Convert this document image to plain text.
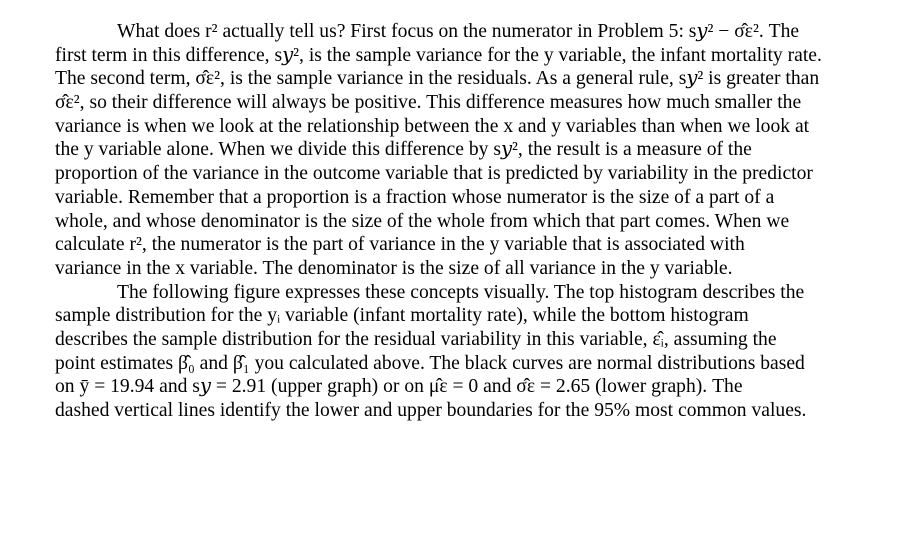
What does r² actually tell us? First focus on the numerator in Problem 5: s𝑦² − σ̂ε². The
first term in this difference, s𝑦², is the sample variance for the y variable, the infant mortality rate.
The second term, σ̂ε², is the sample variance in the residuals. As a general rule, s𝑦² is greater than
σ̂ε², so their difference will always be positive. This difference measures how much smaller the
variance is when we look at the relationship between the x and y variables than when we look at
the y variable alone. When we divide this difference by s𝑦², the result is a measure of the
proportion of the variance in the outcome variable that is predicted by variability in the predictor
variable. Remember that a proportion is a fraction whose numerator is the size of a part of a
whole, and whose denominator is the size of the whole from which that part comes. When we
calculate r², the numerator is the part of variance in the y variable that is associated with
variance in the x variable. The denominator is the size of all variance in the y variable.
The following figure expresses these concepts visually. The top histogram describes the
sample distribution for the yᵢ variable (infant mortality rate), while the bottom histogram
describes the sample distribution for the residual variability in this variable, ε̂ᵢ, assuming the
point estimates β̂₀ and β̂₁ you calculated above. The black curves are normal distributions based
on ȳ = 19.94 and s𝑦 = 2.91 (upper graph) or on μ̂ε = 0 and σ̂ε = 2.65 (lower graph). The
dashed vertical lines identify the lower and upper boundaries for the 95% most common values.
